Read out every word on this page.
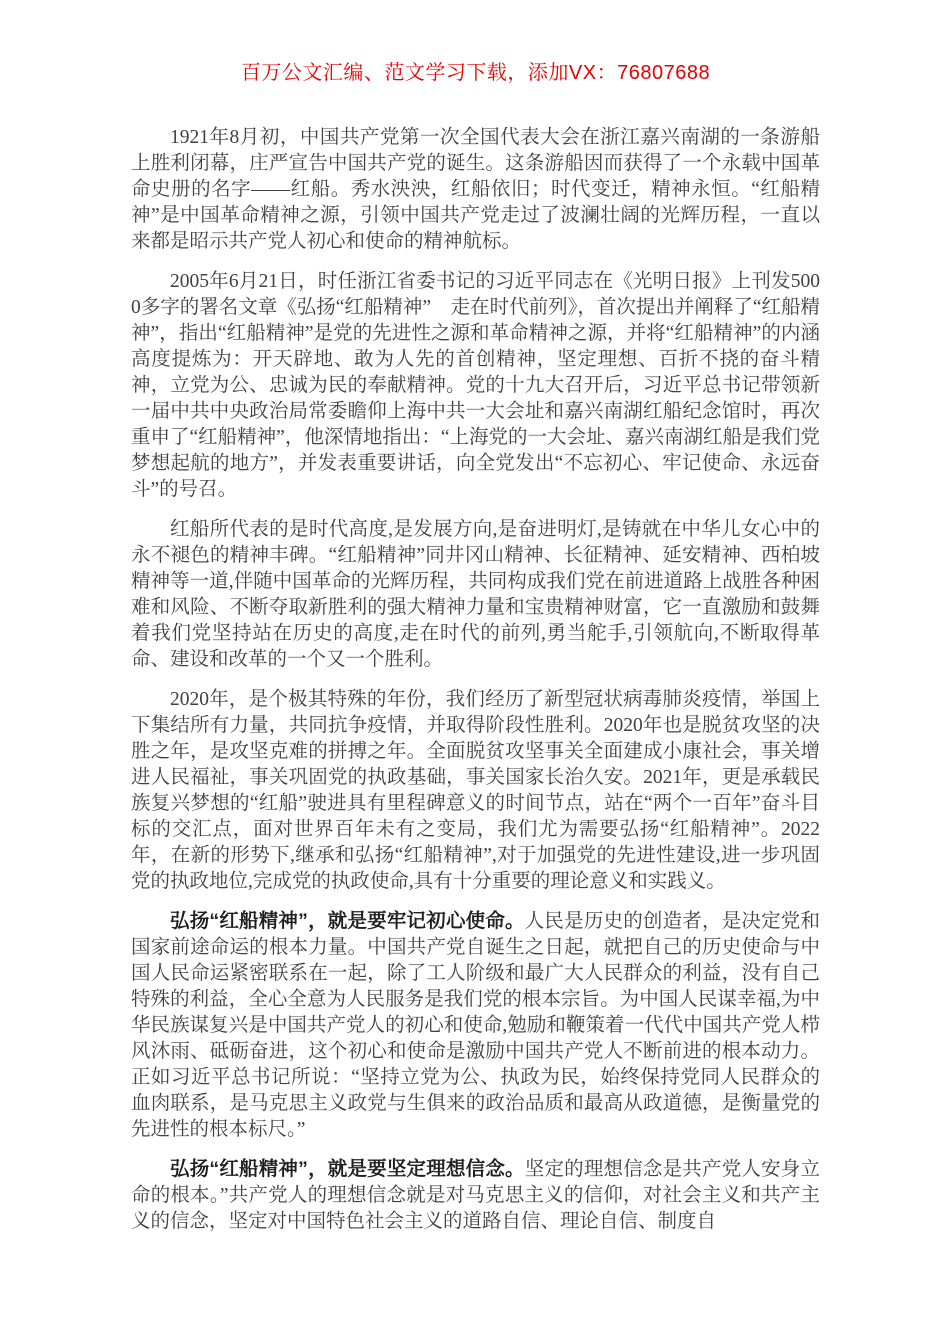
百万公文汇编、范文学习下载，添加VX：76807688

1921年8月初，中国共产党第一次全国代表大会在浙江嘉兴南湖的一条游船上胜利闭幕，庄严宣告中国共产党的诞生。这条游船因而获得了一个永载中国革命史册的名字——红船。秀水泱泱，红船依旧；时代变迁，精神永恒。“红船精神”是中国革命精神之源，引领中国共产党走过了波澜壮阔的光辉历程，一直以来都是昭示共产党人初心和使命的精神航标。

2005年6月21日，时任浙江省委书记的习近平同志在《光明日报》上刊发5000多字的署名文章《弘扬“红船精神”　走在时代前列》，首次提出并阐释了“红船精神”，指出“红船精神”是党的先进性之源和革命精神之源，并将“红船精神”的内涵高度提炼为：开天辟地、敢为人先的首创精神，坚定理想、百折不挠的奋斗精神，立党为公、忠诚为民的奉献精神。党的十九大召开后，习近平总书记带领新一届中共中央政治局常委瞻仰上海中共一大会址和嘉兴南湖红船纪念馆时，再次重申了“红船精神”，他深情地指出：“上海党的一大会址、嘉兴南湖红船是我们党梦想起航的地方”，并发表重要讲话，向全党发出“不忘初心、牢记使命、永远奋斗”的号召。

红船所代表的是时代高度,是发展方向,是奋进明灯,是铸就在中华儿女心中的永不褪色的精神丰碑。“红船精神”同井冈山精神、长征精神、延安精神、西柏坡精神等一道,伴随中国革命的光辉历程，共同构成我们党在前进道路上战胜各种困难和风险、不断夺取新胜利的强大精神力量和宝贵精神财富，它一直激励和鼓舞着我们党坚持站在历史的高度,走在时代的前列,勇当舵手,引领航向,不断取得革命、建设和改革的一个又一个胜利。

2020年，是个极其特殊的年份，我们经历了新型冠状病毒肺炎疫情，举国上下集结所有力量，共同抗争疫情，并取得阶段性胜利。2020年也是脱贫攻坚的决胜之年，是攻坚克难的拼搏之年。全面脱贫攻坚事关全面建成小康社会，事关增进人民福祉，事关巩固党的执政基础，事关国家长治久安。2021年，更是承载民族复兴梦想的“红船”驶进具有里程碑意义的时间节点，站在“两个一百年”奋斗目标的交汇点，面对世界百年未有之变局，我们尤为需要弘扬“红船精神”。2022年，在新的形势下,继承和弘扬“红船精神”,对于加强党的先进性建设,进一步巩固党的执政地位,完成党的执政使命,具有十分重要的理论意义和实践义。

弘扬“红船精神”，就是要牢记初心使命。人民是历史的创造者，是决定党和国家前途命运的根本力量。中国共产党自诞生之日起，就把自己的历史使命与中国人民命运紧密联系在一起，除了工人阶级和最广大人民群众的利益，没有自己特殊的利益，全心全意为人民服务是我们党的根本宗旨。为中国人民谋幸福,为中华民族谋复兴是中国共产党人的初心和使命,勉励和鞭策着一代代中国共产党人栉风沐雨、砥砺奋进，这个初心和使命是激励中国共产党人不断前进的根本动力。正如习近平总书记所说：“坚持立党为公、执政为民，始终保持党同人民群众的血肉联系，是马克思主义政党与生俱来的政治品质和最高从政道德，是衡量党的先进性的根本标尺。”

弘扬“红船精神”，就是要坚定理想信念。坚定的理想信念是共产党人安身立命的根本。”共产党人的理想信念就是对马克思主义的信仰，对社会主义和共产主义的信念，坚定对中国特色社会主义的道路自信、理论自信、制度自
